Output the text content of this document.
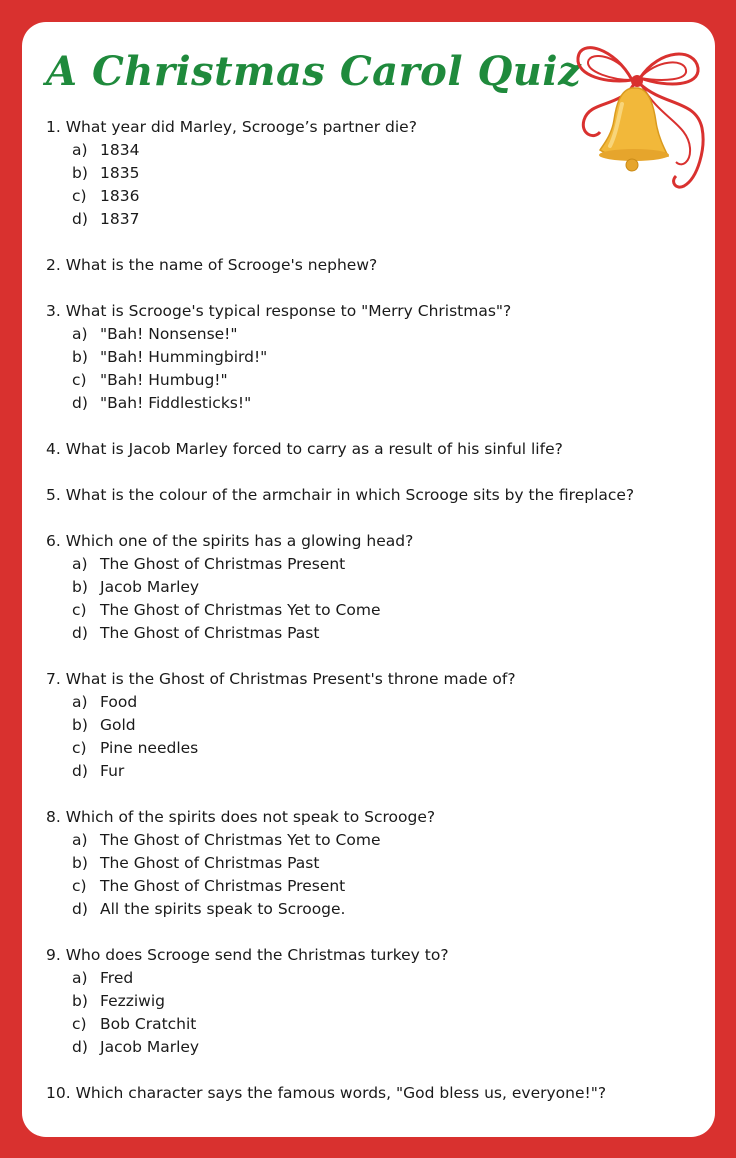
A Christmas Carol Quiz
1. What year did Marley, Scrooge’s partner die?
a) 1834
b) 1835
c) 1836
d) 1837
2. What is the name of Scrooge's nephew?
3. What is Scrooge's typical response to "Merry Christmas"?
a) "Bah! Nonsense!"
b) "Bah! Hummingbird!"
c) "Bah! Humbug!"
d) "Bah! Fiddlesticks!"
4. What is Jacob Marley forced to carry as a result of his sinful life?
5. What is the colour of the armchair in which Scrooge sits by the fireplace?
6. Which one of the spirits has a glowing head?
a) The Ghost of Christmas Present
b) Jacob Marley
c) The Ghost of Christmas Yet to Come
d) The Ghost of Christmas Past
7. What is the Ghost of Christmas Present's throne made of?
a) Food
b) Gold
c) Pine needles
d) Fur
8. Which of the spirits does not speak to Scrooge?
a) The Ghost of Christmas Yet to Come
b) The Ghost of Christmas Past
c) The Ghost of Christmas Present
d) All the spirits speak to Scrooge.
9. Who does Scrooge send the Christmas turkey to?
a) Fred
b) Fezziwig
c) Bob Cratchit
d) Jacob Marley
10. Which character says the famous words, "God bless us, everyone!"?
